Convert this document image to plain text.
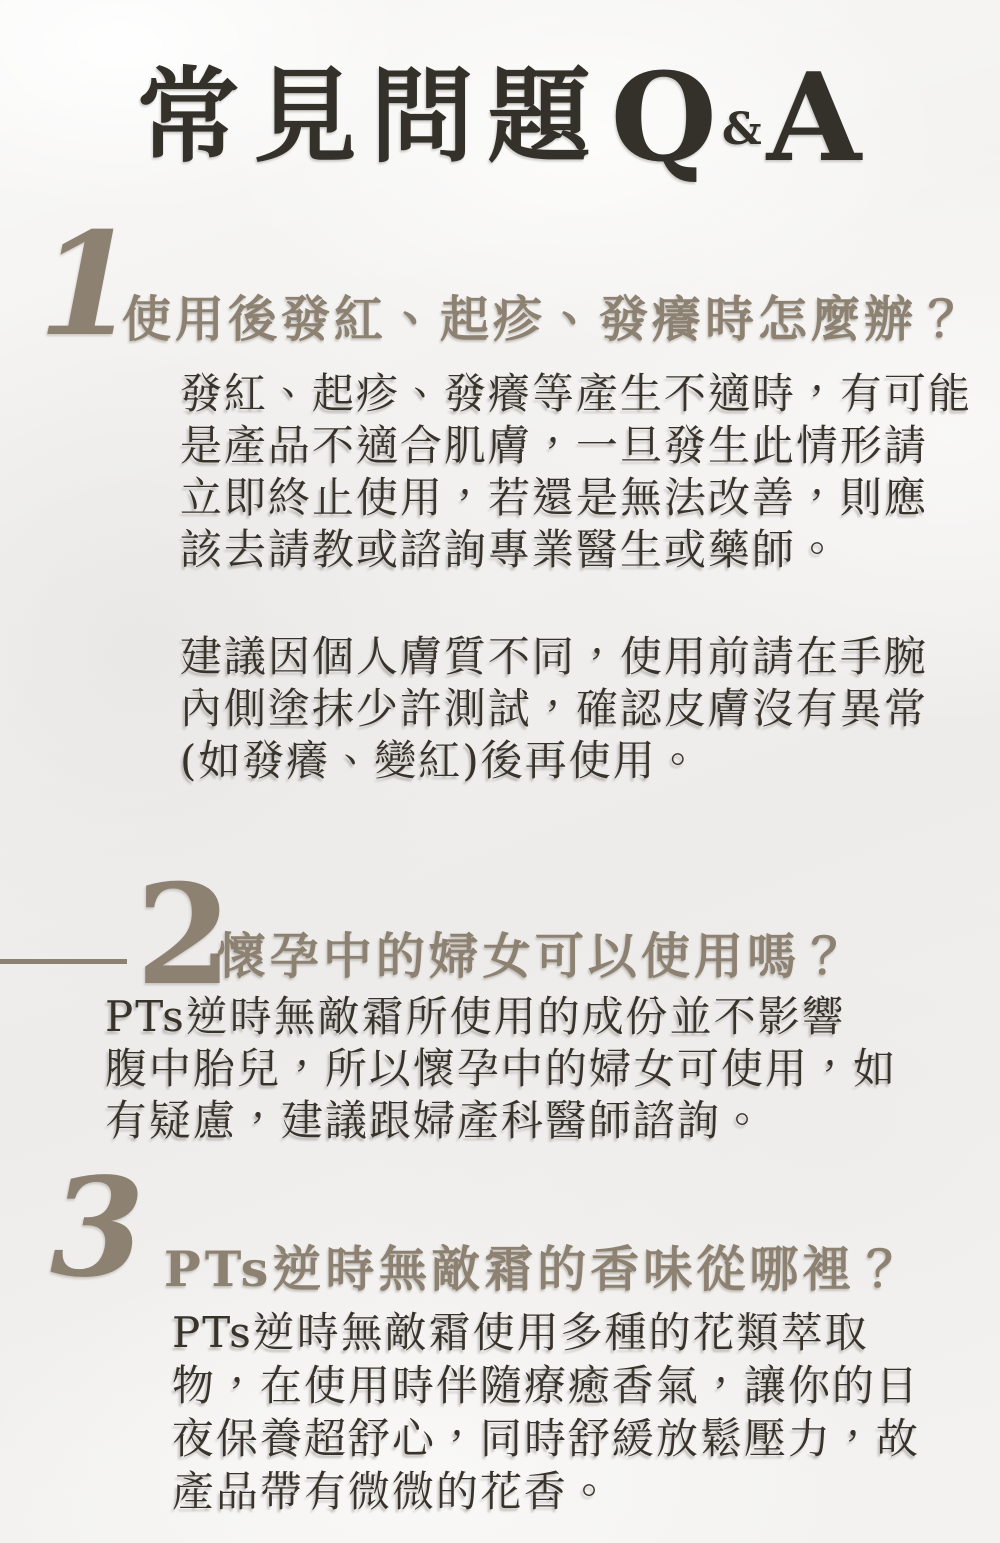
常見問題Q&A
1
使用後發紅、起疹、發癢時怎麼辦？
發紅、起疹、發癢等產生不適時，有可能
是產品不適合肌膚，一旦發生此情形請
立即終止使用，若還是無法改善，則應
該去請教或諮詢專業醫生或藥師。
建議因個人膚質不同，使用前請在手腕
內側塗抹少許測試，確認皮膚沒有異常
(如發癢、變紅)後再使用。
2
懷孕中的婦女可以使用嗎？
PTs逆時無敵霜所使用的成份並不影響
腹中胎兒，所以懷孕中的婦女可使用，如
有疑慮，建議跟婦產科醫師諮詢。
3 PTs逆時無敵霜的香味從哪裡？
PTs逆時無敵霜使用多種的花類萃取
物，在使用時伴隨療癒香氣，讓你的日
夜保養超舒心，同時舒緩放鬆壓力，故
產品帶有微微的花香。
